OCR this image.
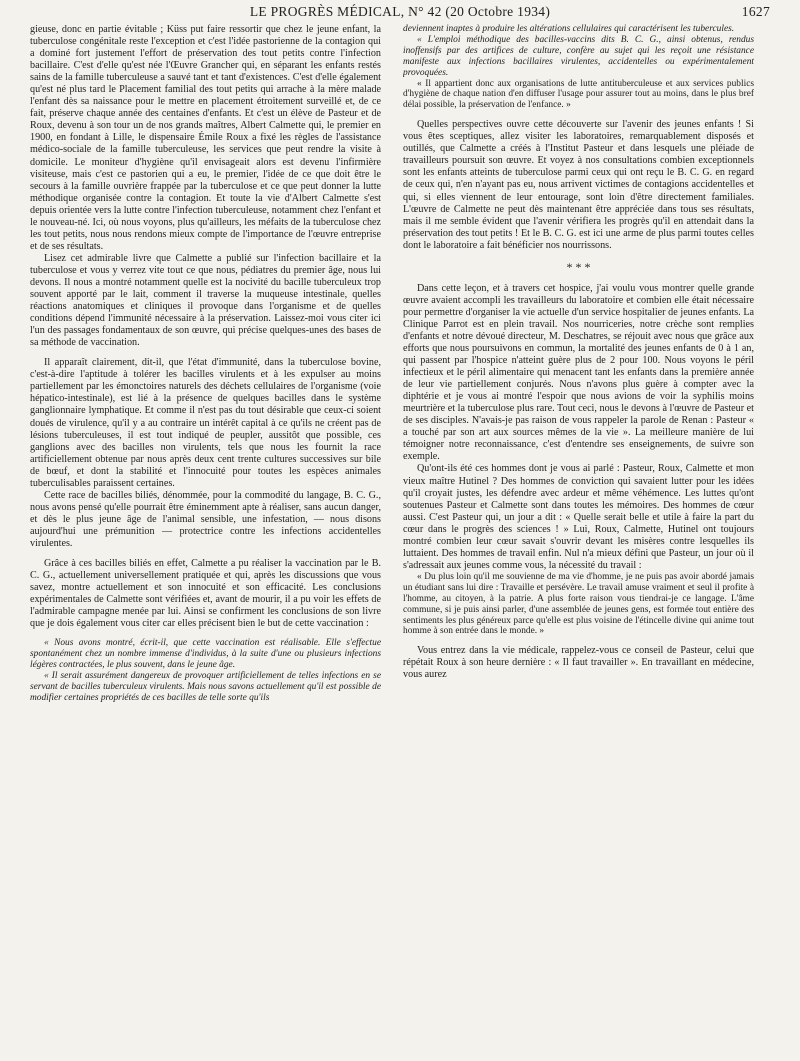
LE PROGRÈS MÉDICAL, N° 42 (20 Octobre 1934)	1627

gieuse, donc en partie évitable ; Küss put faire ressortir que chez le jeune enfant, la tuberculose congénitale reste l'exception et c'est l'idée pastorienne de la contagion qui a dominé fort justement l'effort de préservation des tout petits contre l'infection bacillaire. C'est d'elle qu'est née l'Œuvre Grancher qui, en séparant les enfants restés sains de la famille tuberculeuse a sauvé tant et tant d'existences. C'est d'elle également qu'est né plus tard le Placement familial des tout petits qui arrache à la mère malade l'enfant dès sa naissance pour le mettre en placement étroitement surveillé et, de ce fait, préserve chaque année des centaines d'enfants. Et c'est un élève de Pasteur et de Roux, devenu à son tour un de nos grands maîtres, Albert Calmette qui, le premier en 1900, en fondant à Lille, le dispensaire Émile Roux a fixé les règles de l'assistance médico-sociale de la famille tuberculeuse, les services que peut rendre la visite à domicile. Le moniteur d'hygiène qu'il envisageait alors est devenu l'infirmière visiteuse, mais c'est ce pastorien qui a eu, le premier, l'idée de ce que doit être le secours à la famille ouvrière frappée par la tuberculose et ce que peut donner la lutte méthodique organisée contre la contagion. Et toute la vie d'Albert Calmette s'est depuis orientée vers la lutte contre l'infection tuberculeuse, notamment chez l'enfant et le nouveau-né. Ici, où nous voyons, plus qu'ailleurs, les méfaits de la tuberculose chez les tout petits, nous nous rendons mieux compte de l'importance de l'œuvre entreprise et de ses résultats.

Lisez cet admirable livre que Calmette a publié sur l'infection bacillaire et la tuberculose et vous y verrez vite tout ce que nous, pédiatres du premier âge, nous lui devons. Il nous a montré notamment quelle est la nocivité du bacille tuberculeux trop souvent apporté par le lait, comment il traverse la muqueuse intestinale, quelles réactions anatomiques et cliniques il provoque dans l'organisme et de quelles conditions dépend l'immunité nécessaire à la préservation. Laissez-moi vous citer ici l'un des passages fondamentaux de son œuvre, qui précise quelques-unes des bases de sa méthode de vaccination.

Il apparaît clairement, dit-il, que l'état d'immunité, dans la tuberculose bovine, c'est-à-dire l'aptitude à tolérer les bacilles virulents et à les expulser au moins partiellement par les émonctoires naturels des déchets cellulaires de l'organisme (voie hépatico-intestinale), est lié à la présence de quelques bacilles dans le système ganglionnaire lymphatique. Et comme il n'est pas du tout désirable que ceux-ci soient doués de virulence, qu'il y a au contraire un intérêt capital à ce qu'ils ne créent pas de lésions tuberculeuses, il est tout indiqué de peupler, aussitôt que possible, ces ganglions avec des bacilles non virulents, tels que nous les fournit la race artificiellement obtenue par nous après deux cent trente cultures successives sur bile de bœuf, et dont la stabilité et l'innocuité pour toutes les espèces animales tuberculisables paraissent certaines.

Cette race de bacilles biliés, dénommée, pour la commodité du langage, B. C. G., nous avons pensé qu'elle pourrait être éminemment apte à réaliser, sans aucun danger, et dès le plus jeune âge de l'animal sensible, une infestation, — nous disons aujourd'hui une prémunition — protectrice contre les infections accidentelles virulentes.

Grâce à ces bacilles biliés en effet, Calmette a pu réaliser la vaccination par le B. C. G., actuellement universellement pratiquée et qui, après les discussions que vous savez, montre actuellement et son innocuité et son efficacité. Les conclusions expérimentales de Calmette sont vérifiées et, avant de mourir, il a pu voir les effets de l'admirable campagne menée par lui. Ainsi se confirment les conclusions de son livre que je dois également vous citer car elles précisent bien le but de cette vaccination :

« Nous avons montré, écrit-il, que cette vaccination est réalisable. Elle s'effectue spontanément chez un nombre immense d'individus, à la suite d'une ou plusieurs infections légères contractées, le plus souvent, dans le jeune âge.

« Il serait assurément dangereux de provoquer artificiellement de telles infections en se servant de bacilles tuberculeux virulents. Mais nous savons actuellement qu'il est possible de modifier certaines propriétés de ces bacilles de telle sorte qu'ils

deviennent inaptes à produire les altérations cellulaires qui caractérisent les tubercules.

« L'emploi méthodique des bacilles-vaccins dits B. C. G., ainsi obtenus, rendus inoffensifs par des artifices de culture, confère au sujet qui les reçoit une résistance manifeste aux infections bacillaires virulentes, accidentelles ou expérimentalement provoquées.

« Il appartient donc aux organisations de lutte antituberculeuse et aux services publics d'hygiène de chaque nation d'en diffuser l'usage pour assurer tout au moins, dans le plus bref délai possible, la préservation de l'enfance. »

Quelles perspectives ouvre cette découverte sur l'avenir des jeunes enfants ! Si vous êtes sceptiques, allez visiter les laboratoires, remarquablement disposés et outillés, que Calmette a créés à l'Institut Pasteur et dans lesquels une pléiade de travailleurs poursuit son œuvre. Et voyez à nos consultations combien exceptionnels sont les enfants atteints de tuberculose parmi ceux qui ont reçu le B. C. G. en regard de ceux qui, n'en n'ayant pas eu, nous arrivent victimes de contagions accidentelles et qui, si elles viennent de leur entourage, sont loin d'être directement familiales. L'œuvre de Calmette ne peut dès maintenant être appréciée dans tous ses résultats, mais il me semble évident que l'avenir vérifiera les progrès qu'il en attendait dans la préservation des tout petits ! Et le B. C. G. est ici une arme de plus parmi toutes celles dont le laboratoire a fait bénéficier nos nourrissons.

* * *

Dans cette leçon, et à travers cet hospice, j'ai voulu vous montrer quelle grande œuvre avaient accompli les travailleurs du laboratoire et combien elle était nécessaire pour permettre d'organiser la vie actuelle d'un service hospitalier de jeunes enfants. La Clinique Parrot est en plein travail. Nos nourriceries, notre crèche sont remplies d'enfants et notre dévoué directeur, M. Deschatres, se réjouit avec nous que grâce aux efforts que nous poursuivons en commun, la mortalité des jeunes enfants de 0 à 1 an, qui passent par l'hospice n'atteint guère plus de 2 pour 100. Nous voyons le péril infectieux et le péril alimentaire qui menacent tant les enfants dans la première année de leur vie partiellement conjurés. Nous n'avons plus guère à compter avec la diphtérie et je vous ai montré l'espoir que nous avions de voir la syphilis moins meurtrière et la tuberculose plus rare. Tout ceci, nous le devons à l'œuvre de Pasteur et de ses disciples. N'avais-je pas raison de vous rappeler la parole de Renan : Pasteur « a touché par son art aux sources mêmes de la vie ». La meilleure manière de lui témoigner notre reconnaissance, c'est d'entendre ses enseignements, de suivre son exemple.

Qu'ont-ils été ces hommes dont je vous ai parlé : Pasteur, Roux, Calmette et mon vieux maître Hutinel ? Des hommes de conviction qui savaient lutter pour les idées qu'il croyait justes, les défendre avec ardeur et même véhémence. Les luttes qu'ont soutenues Pasteur et Calmette sont dans toutes les mémoires. Des hommes de cœur aussi. C'est Pasteur qui, un jour a dit : « Quelle serait belle et utile à faire la part du cœur dans le progrès des sciences ! » Lui, Roux, Calmette, Hutinel ont toujours montré combien leur cœur savait s'ouvrir devant les misères contre lesquelles ils luttaient. Des hommes de travail enfin. Nul n'a mieux défini que Pasteur, un jour où il s'adressait aux jeunes comme vous, la nécessité du travail :

« Du plus loin qu'il me souvienne de ma vie d'homme, je ne puis pas avoir abordé jamais un étudiant sans lui dire : Travaille et persévère. Le travail amuse vraiment et seul il profite à l'homme, au citoyen, à la patrie. A plus forte raison vous tiendrai-je ce langage. L'âme commune, si je puis ainsi parler, d'une assemblée de jeunes gens, est formée tout entière des sentiments les plus généreux parce qu'elle est plus voisine de l'étincelle divine qui anime tout homme à son entrée dans le monde. »

Vous entrez dans la vie médicale, rappelez-vous ce conseil de Pasteur, celui que répétait Roux à son heure dernière : « Il faut travailler ». En travaillant en médecine, vous aurez
